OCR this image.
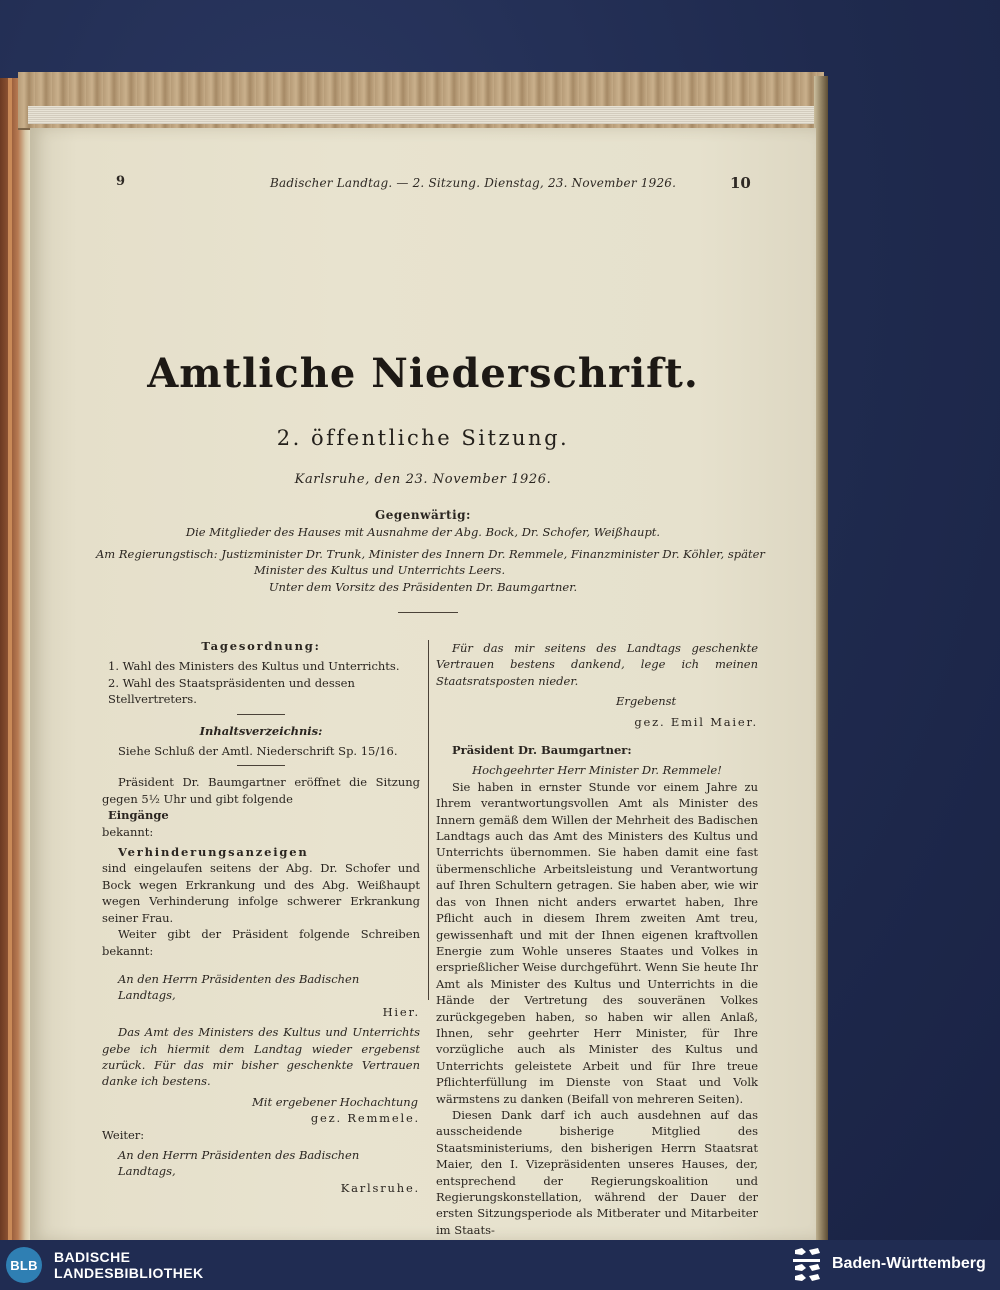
9	Badischer Landtag. — 2. Sitzung. Dienstag, 23. November 1926.	10
Amtliche Niederschrift.
2. öffentliche Sitzung.
Karlsruhe, den 23. November 1926.
Gegenwärtig:
Die Mitglieder des Hauses mit Ausnahme der Abg. Bock, Dr. Schofer, Weißhaupt.
Am Regierungstisch: Justizminister Dr. Trunk, Minister des Innern Dr. Remmele, Finanzminister Dr. Köhler, später
Minister des Kultus und Unterrichts Leers.
Unter dem Vorsitz des Präsidenten Dr. Baumgartner.
Tagesordnung:
1. Wahl des Ministers des Kultus und Unterrichts.
2. Wahl des Staatspräsidenten und dessen Stellvertreters.
Inhaltsverzeichnis:
Siehe Schluß der Amtl. Niederschrift Sp. 15/16.
Präsident Dr. Baumgartner eröffnet die Sitzung gegen 5½ Uhr und gibt folgende
Eingänge
bekannt:
Verhinderungsanzeigen
sind eingelaufen seitens der Abg. Dr. Schofer und Bock wegen Erkrankung und des Abg. Weißhaupt wegen Verhinderung infolge schwerer Erkrankung seiner Frau.
Weiter gibt der Präsident folgende Schreiben bekannt:
An den Herrn Präsidenten des Badischen Landtags,
Hier.
Das Amt des Ministers des Kultus und Unterrichts gebe ich hiermit dem Landtag wieder ergebenst zurück. Für das mir bisher geschenkte Vertrauen danke ich bestens.
Mit ergebener Hochachtung
gez. Remmele.
Weiter:
An den Herrn Präsidenten des Badischen Landtags,
Karlsruhe.
Für das mir seitens des Landtags geschenkte Vertrauen bestens dankend, lege ich meinen Staatsratsposten nieder.
Ergebenst
gez. Emil Maier.
Präsident Dr. Baumgartner:
Hochgeehrter Herr Minister Dr. Remmele!
Sie haben in ernster Stunde vor einem Jahre zu Ihrem verantwortungsvollen Amt als Minister des Innern gemäß dem Willen der Mehrheit des Badischen Landtags auch das Amt des Ministers des Kultus und Unterrichts übernommen. Sie haben damit eine fast übermenschliche Arbeitsleistung und Verantwortung auf Ihren Schultern getragen. Sie haben aber, wie wir das von Ihnen nicht anders erwartet haben, Ihre Pflicht auch in diesem Ihrem zweiten Amt treu, gewissenhaft und mit der Ihnen eigenen kraftvollen Energie zum Wohle unseres Staates und Volkes in ersprießlicher Weise durchgeführt. Wenn Sie heute Ihr Amt als Minister des Kultus und Unterrichts in die Hände der Vertretung des souveränen Volkes zurückgegeben haben, so haben wir allen Anlaß, Ihnen, sehr geehrter Herr Minister, für Ihre vorzügliche auch als Minister des Kultus und Unterrichts geleistete Arbeit und für Ihre treue Pflichterfüllung im Dienste von Staat und Volk wärmstens zu danken (Beifall von mehreren Seiten).
Diesen Dank darf ich auch ausdehnen auf das ausscheidende bisherige Mitglied des Staatsministeriums, den bisherigen Herrn Staatsrat Maier, den I. Vizepräsidenten unseres Hauses, der, entsprechend der Regierungskoalition und Regierungskonstellation, während der Dauer der ersten Sitzungsperiode als Mitberater und Mitarbeiter im Staats-
BLB BADISCHE
LANDESBIBLIOTHEK
Baden-Württemberg
